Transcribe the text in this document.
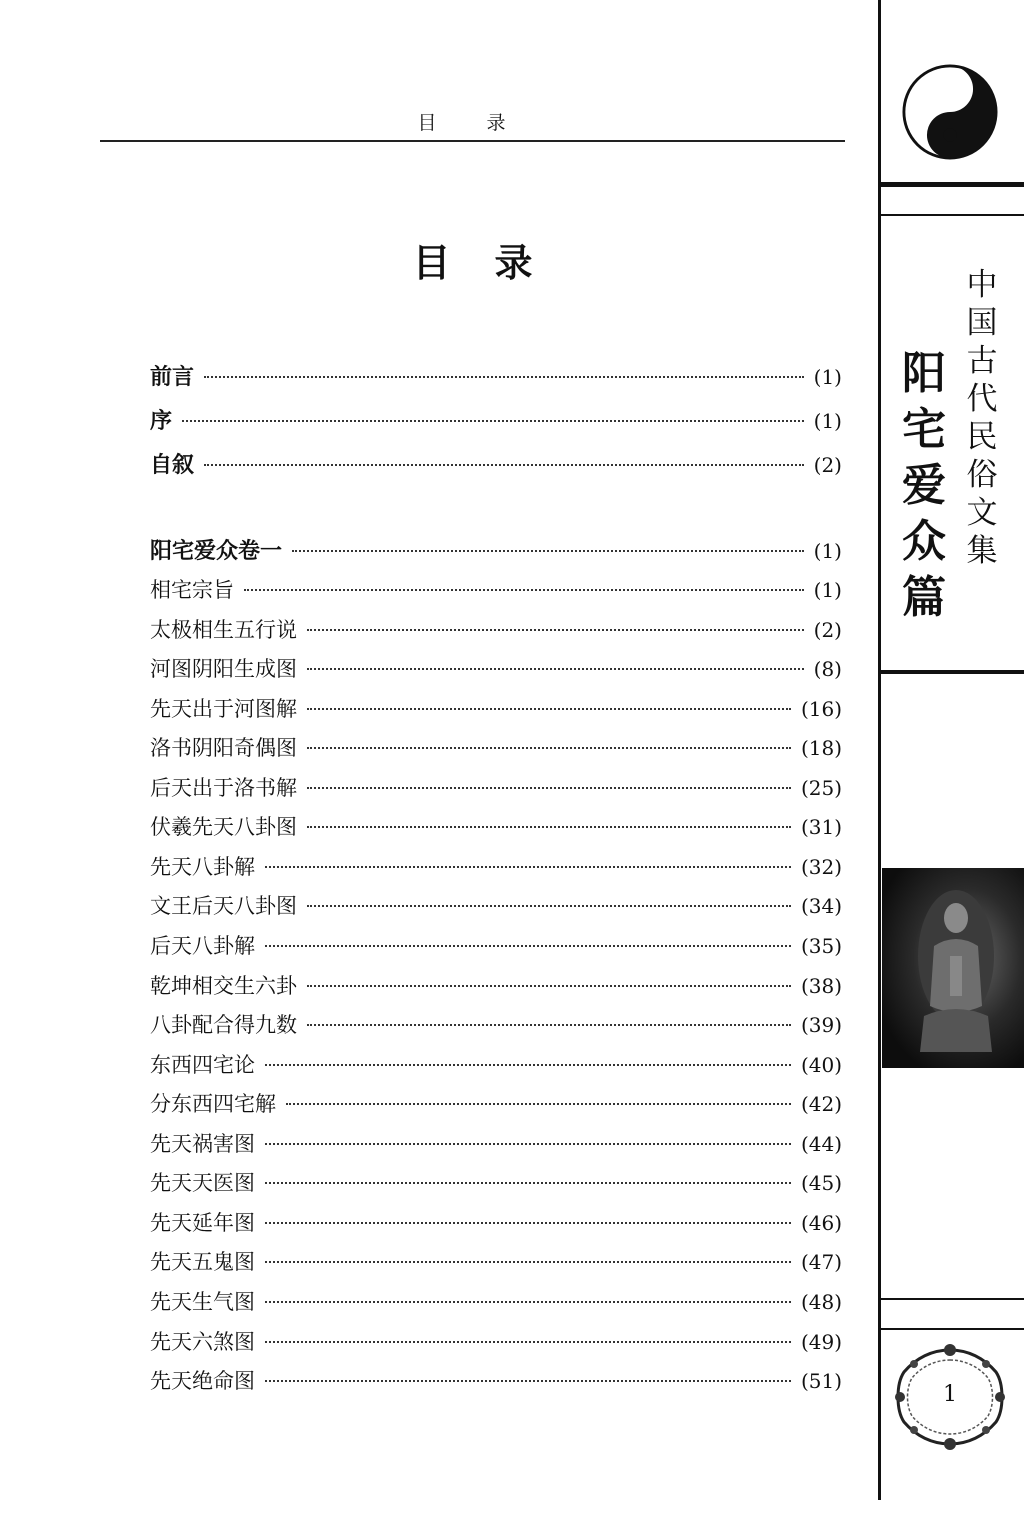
目 录
目录
前言	(1)
序	(1)
自叙	(2)
阳宅爱众卷一	(1)
相宅宗旨	(1)
太极相生五行说	(2)
河图阴阳生成图	(8)
先天出于河图解	(16)
洛书阴阳奇偶图	(18)
后天出于洛书解	(25)
伏羲先天八卦图	(31)
先天八卦解	(32)
文王后天八卦图	(34)
后天八卦解	(35)
乾坤相交生六卦	(38)
八卦配合得九数	(39)
东西四宅论	(40)
分东西四宅解	(42)
先天祸害图	(44)
先天天医图	(45)
先天延年图	(46)
先天五鬼图	(47)
先天生气图	(48)
先天六煞图	(49)
先天绝命图	(51)
中
国
古
代
民
俗
文
集
阳
宅
爱
众
篇
1
